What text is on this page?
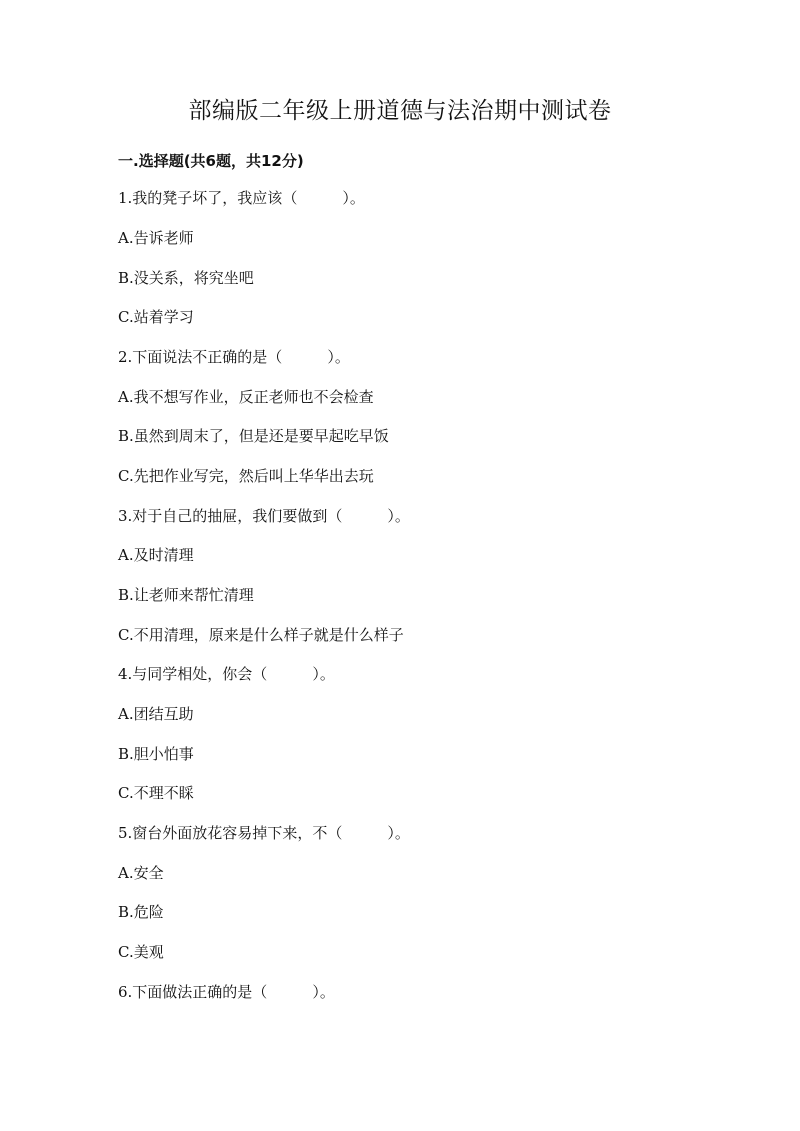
部编版二年级上册道德与法治期中测试卷
一.选择题(共6题，共12分)
1.我的凳子坏了，我应该（　　　）。
A.告诉老师
B.没关系，将究坐吧
C.站着学习
2.下面说法不正确的是（　　　）。
A.我不想写作业，反正老师也不会检查
B.虽然到周末了，但是还是要早起吃早饭
C.先把作业写完，然后叫上华华出去玩
3.对于自己的抽屉，我们要做到（　　　）。
A.及时清理
B.让老师来帮忙清理
C.不用清理，原来是什么样子就是什么样子
4.与同学相处，你会（　　　）。
A.团结互助
B.胆小怕事
C.不理不睬
5.窗台外面放花容易掉下来，不（　　　）。
A.安全
B.危险
C.美观
6.下面做法正确的是（　　　）。
